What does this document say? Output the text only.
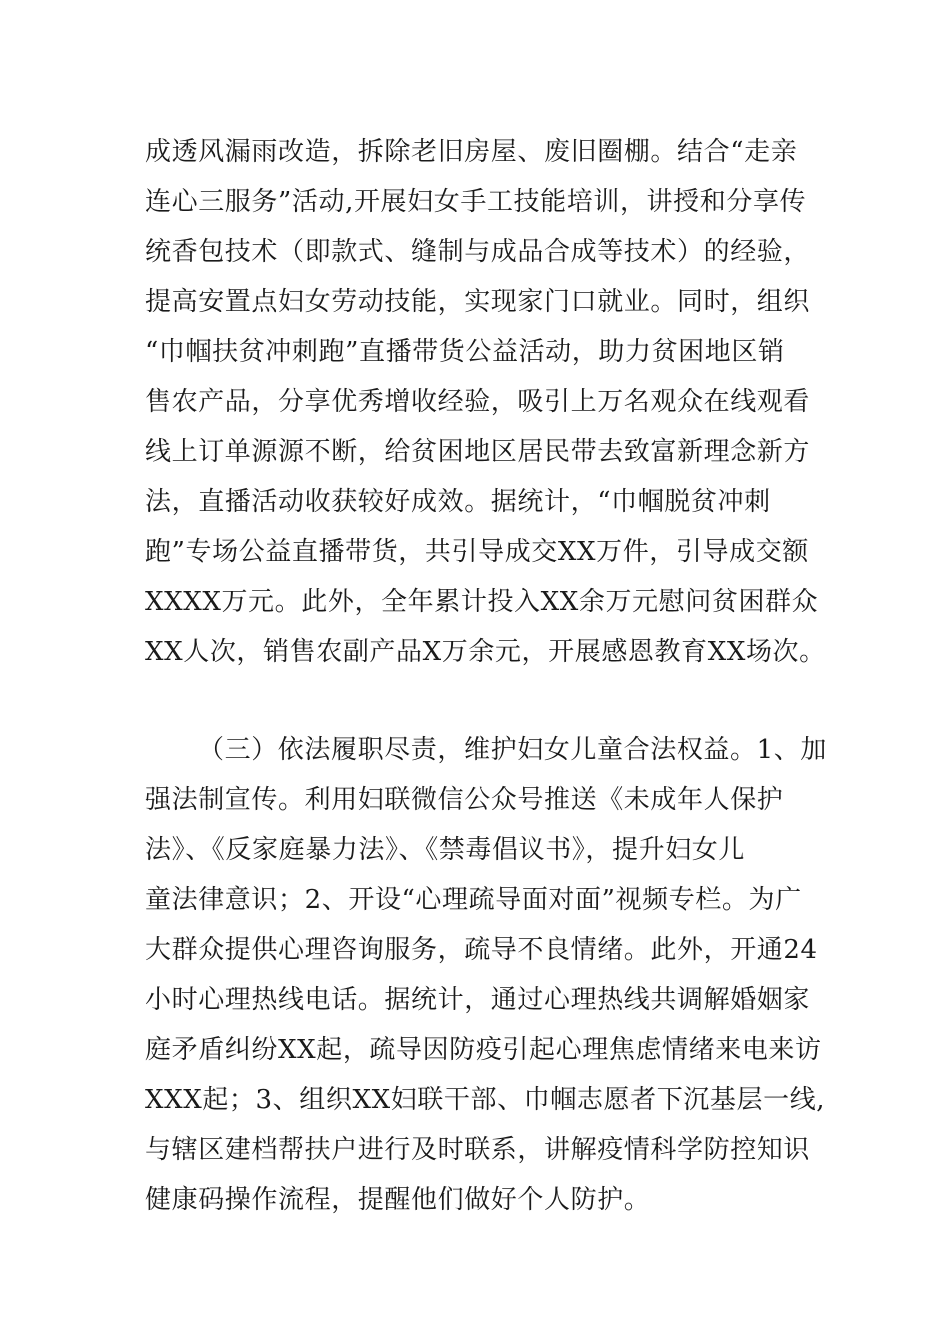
成透风漏雨改造，拆除老旧房屋、废旧圈棚。结合“走亲
连心三服务”活动,开展妇女手工技能培训，讲授和分享传
统香包技术（即款式、缝制与成品合成等技术）的经验，
提高安置点妇女劳动技能，实现家门口就业。同时，组织
“巾帼扶贫冲刺跑”直播带货公益活动，助力贫困地区销
售农产品，分享优秀增收经验，吸引上万名观众在线观看
线上订单源源不断，给贫困地区居民带去致富新理念新方
法，直播活动收获较好成效。据统计，“巾帼脱贫冲刺
跑”专场公益直播带货，共引导成交XX万件，引导成交额
XXXX万元。此外，全年累计投入XX余万元慰问贫困群众
XX人次，销售农副产品X万余元，开展感恩教育XX场次。
（三）依法履职尽责，维护妇女儿童合法权益。1、加
强法制宣传。利用妇联微信公众号推送《未成年人保护
法》、《反家庭暴力法》、《禁毒倡议书》，提升妇女儿
童法律意识；2、开设“心理疏导面对面”视频专栏。为广
大群众提供心理咨询服务，疏导不良情绪。此外，开通24
小时心理热线电话。据统计，通过心理热线共调解婚姻家
庭矛盾纠纷XX起，疏导因防疫引起心理焦虑情绪来电来访
XXX起；3、组织XX妇联干部、巾帼志愿者下沉基层一线,
与辖区建档帮扶户进行及时联系，讲解疫情科学防控知识
健康码操作流程，提醒他们做好个人防护。
